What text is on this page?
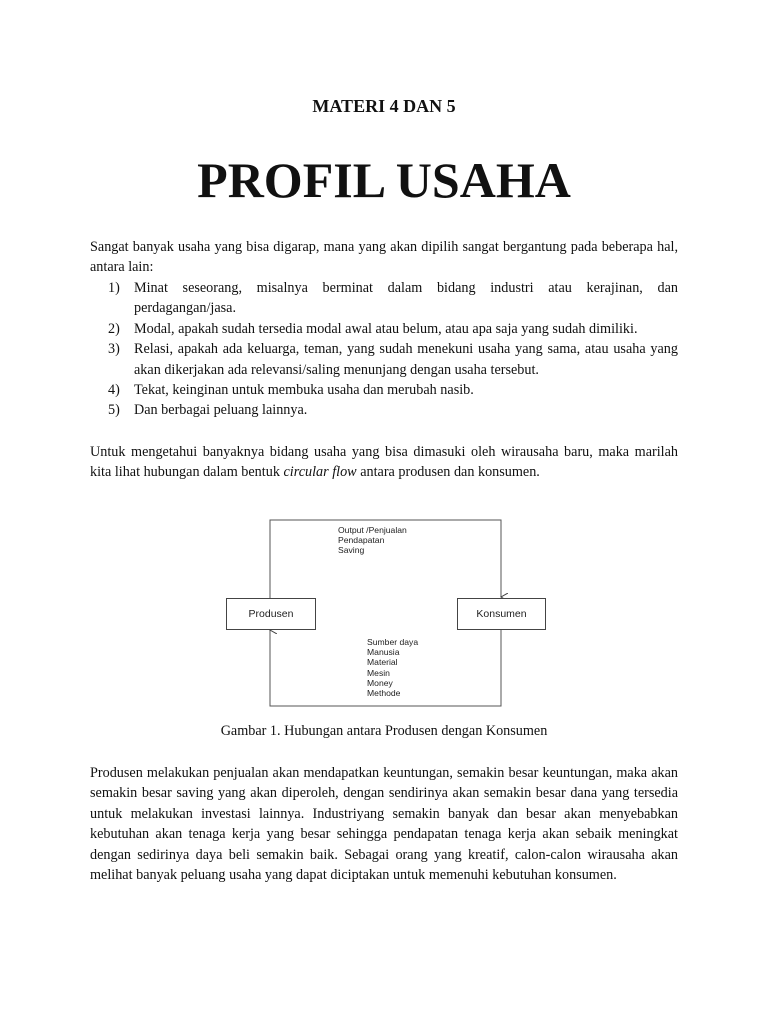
MATERI 4 DAN 5
PROFIL USAHA

Sangat banyak usaha yang bisa digarap, mana yang akan dipilih sangat bergantung pada beberapa hal, antara lain:

1) Minat seseorang, misalnya berminat dalam bidang industri atau kerajinan, dan perdagangan/jasa.
2) Modal, apakah sudah tersedia modal awal atau belum, atau apa saja yang sudah dimiliki.
3) Relasi, apakah ada keluarga, teman, yang sudah menekuni usaha yang sama, atau usaha yang akan dikerjakan ada relevansi/saling menunjang dengan usaha tersebut.
4) Tekat, keinginan untuk membuka usaha dan merubah nasib.
5) Dan berbagai peluang lainnya.

Untuk mengetahui banyaknya bidang usaha yang bisa dimasuki oleh wirausaha baru, maka marilah kita lihat hubungan dalam bentuk circular flow antara produsen dan konsumen.

Produsen	Konsumen
Output /Penjualan
Pendapatan
Saving
Sumber daya
Manusia
Material
Mesin
Money
Methode
Gambar 1. Hubungan antara Produsen dengan Konsumen

Produsen melakukan penjualan akan mendapatkan keuntungan, semakin besar keuntungan, maka akan semakin besar saving yang akan diperoleh, dengan sendirinya akan semakin besar dana yang tersedia untuk melakukan investasi lainnya. Industriyang semakin banyak dan besar akan menyebabkan kebutuhan akan tenaga kerja yang besar sehingga pendapatan tenaga kerja akan sebaik meningkat dengan sedirinya daya beli semakin baik. Sebagai orang yang kreatif, calon-calon wirausaha akan melihat banyak peluang usaha yang dapat diciptakan untuk memenuhi kebutuhan konsumen.
